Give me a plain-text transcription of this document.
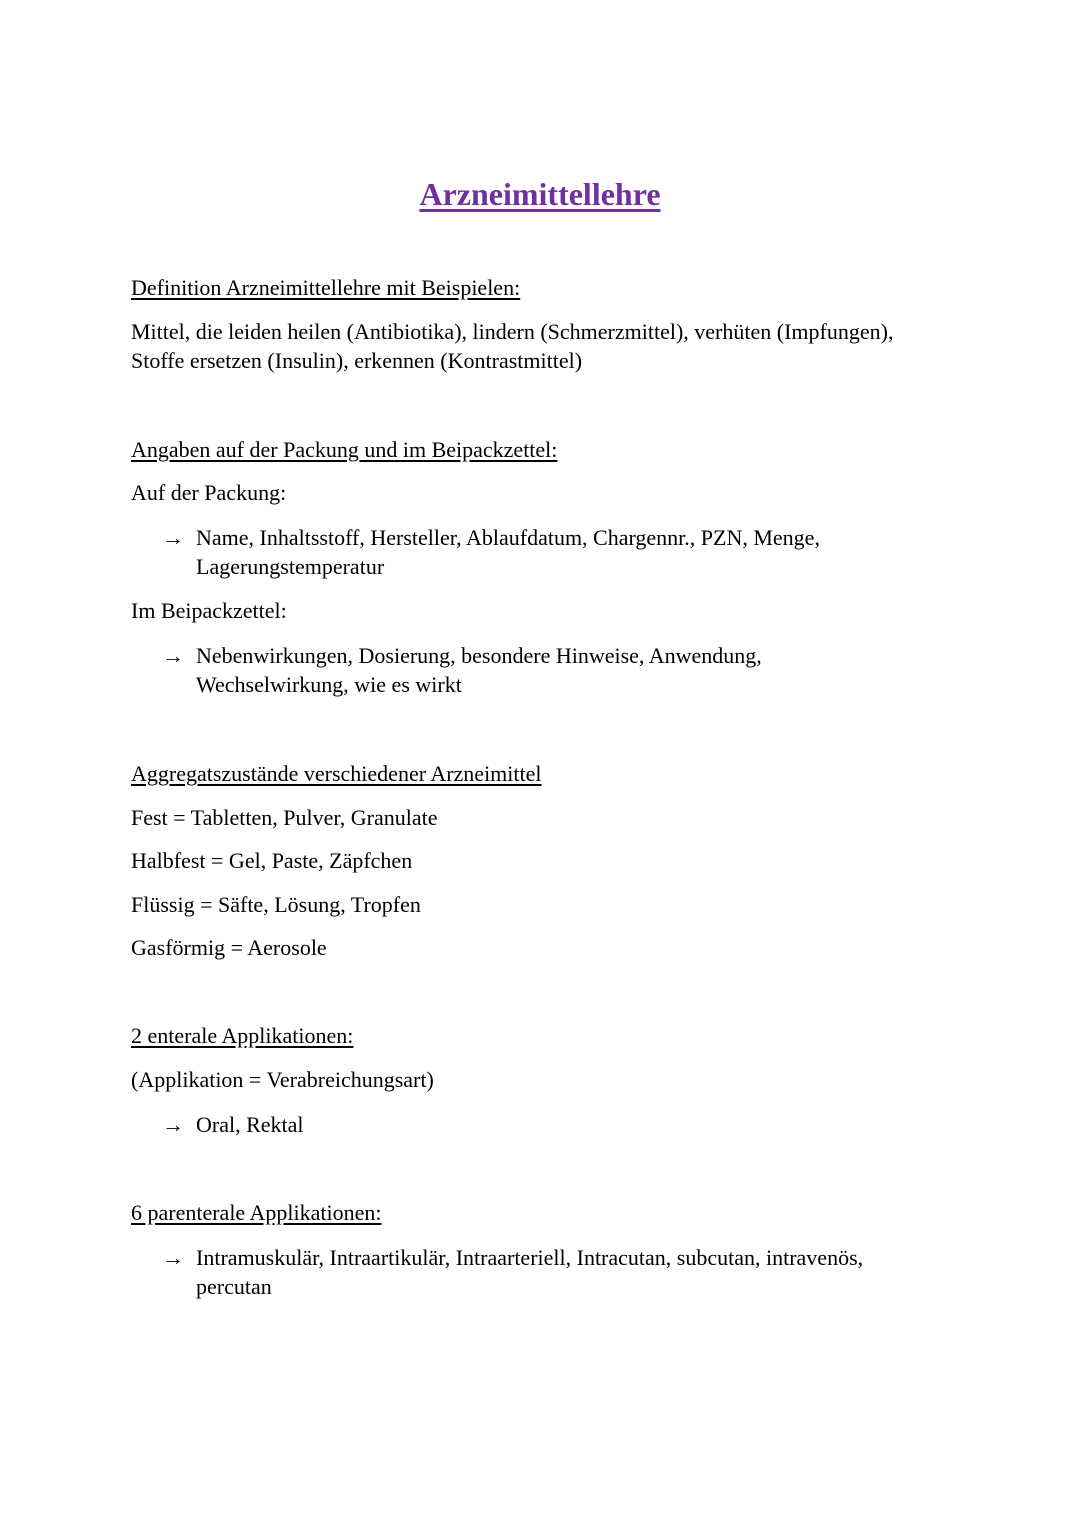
Arzneimittellehre
Definition Arzneimittellehre mit Beispielen:
Mittel, die leiden heilen (Antibiotika), lindern (Schmerzmittel), verhüten (Impfungen),
Stoffe ersetzen (Insulin), erkennen (Kontrastmittel)
Angaben auf der Packung und im Beipackzettel:
Auf der Packung:
→ Name, Inhaltsstoff, Hersteller, Ablaufdatum, Chargennr., PZN, Menge,
Lagerungstemperatur
Im Beipackzettel:
→ Nebenwirkungen, Dosierung, besondere Hinweise, Anwendung,
Wechselwirkung, wie es wirkt
Aggregatszustände verschiedener Arzneimittel
Fest = Tabletten, Pulver, Granulate
Halbfest = Gel, Paste, Zäpfchen
Flüssig = Säfte, Lösung, Tropfen
Gasförmig = Aerosole
2 enterale Applikationen:
(Applikation = Verabreichungsart)
→ Oral, Rektal
6 parenterale Applikationen:
→ Intramuskulär, Intraartikulär, Intraarteriell, Intracutan, subcutan, intravenös,
percutan
